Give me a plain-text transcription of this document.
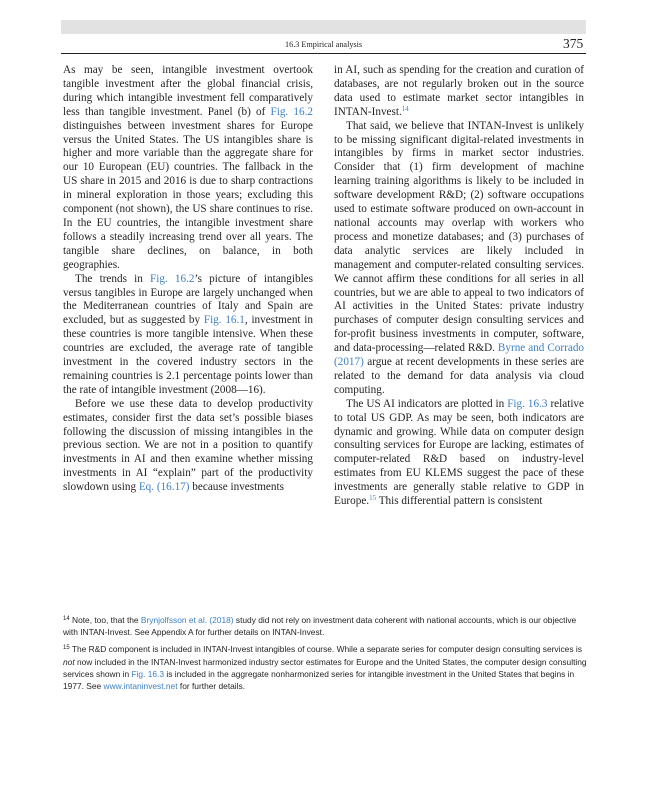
16.3 Empirical analysis	375

As may be seen, intangible investment overtook tangible investment after the global financial crisis, during which intangible investment fell comparatively less than tangible investment. Panel (b) of Fig. 16.2 distinguishes between investment shares for Europe versus the United States. The US intangibles share is higher and more variable than the aggregate share for our 10 European (EU) countries. The fallback in the US share in 2015 and 2016 is due to sharp contractions in mineral exploration in those years; excluding this component (not shown), the US share continues to rise. In the EU countries, the intangible investment share follows a steadily increasing trend over all years. The tangible share declines, on balance, in both geographies.

The trends in Fig. 16.2’s picture of intangibles versus tangibles in Europe are largely unchanged when the Mediterranean countries of Italy and Spain are excluded, but as suggested by Fig. 16.1, investment in these countries is more tangible intensive. When these countries are excluded, the average rate of tangible investment in the covered industry sectors in the remaining countries is 2.1 percentage points lower than the rate of intangible investment (2008—16).

Before we use these data to develop productivity estimates, consider first the data set’s possible biases following the discussion of missing intangibles in the previous section. We are not in a position to quantify investments in AI and then examine whether missing investments in AI “explain” part of the productivity slowdown using Eq. (16.17) because investments

in AI, such as spending for the creation and curation of databases, are not regularly broken out in the source data used to estimate market sector intangibles in INTAN-Invest.$^{14}$

That said, we believe that INTAN-Invest is unlikely to be missing significant digital-related investments in intangibles by firms in market sector industries. Consider that (1) firm development of machine learning training algorithms is likely to be included in software development R&D; (2) software occupations used to estimate software produced on own-account in national accounts may overlap with workers who process and monetize databases; and (3) purchases of data analytic services are likely included in management and computer-related consulting services. We cannot affirm these conditions for all series in all countries, but we are able to appeal to two indicators of AI activities in the United States: private industry purchases of computer design consulting services and for-profit business investments in computer, software, and data-processing—related R&D. Byrne and Corrado (2017) argue at recent developments in these series are related to the demand for data analysis via cloud computing.

The US AI indicators are plotted in Fig. 16.3 relative to total US GDP. As may be seen, both indicators are dynamic and growing. While data on computer design consulting services for Europe are lacking, estimates of computer-related R&D based on industry-level estimates from EU KLEMS suggest the pace of these investments are generally stable relative to GDP in Europe.$^{15}$ This differential pattern is consistent

$^{14}$ Note, too, that the Brynjolfsson et al. (2018) study did not rely on investment data coherent with national accounts, which is our objective with INTAN-Invest. See Appendix A for further details on INTAN-Invest.

$^{15}$ The R&D component is included in INTAN-Invest intangibles of course. While a separate series for computer design consulting services is not now included in the INTAN-Invest harmonized industry sector estimates for Europe and the United States, the computer design consulting services shown in Fig. 16.3 is included in the aggregate nonharmonized series for intangible investment in the United States that begins in 1977. See www.intaninvest.net for further details.
